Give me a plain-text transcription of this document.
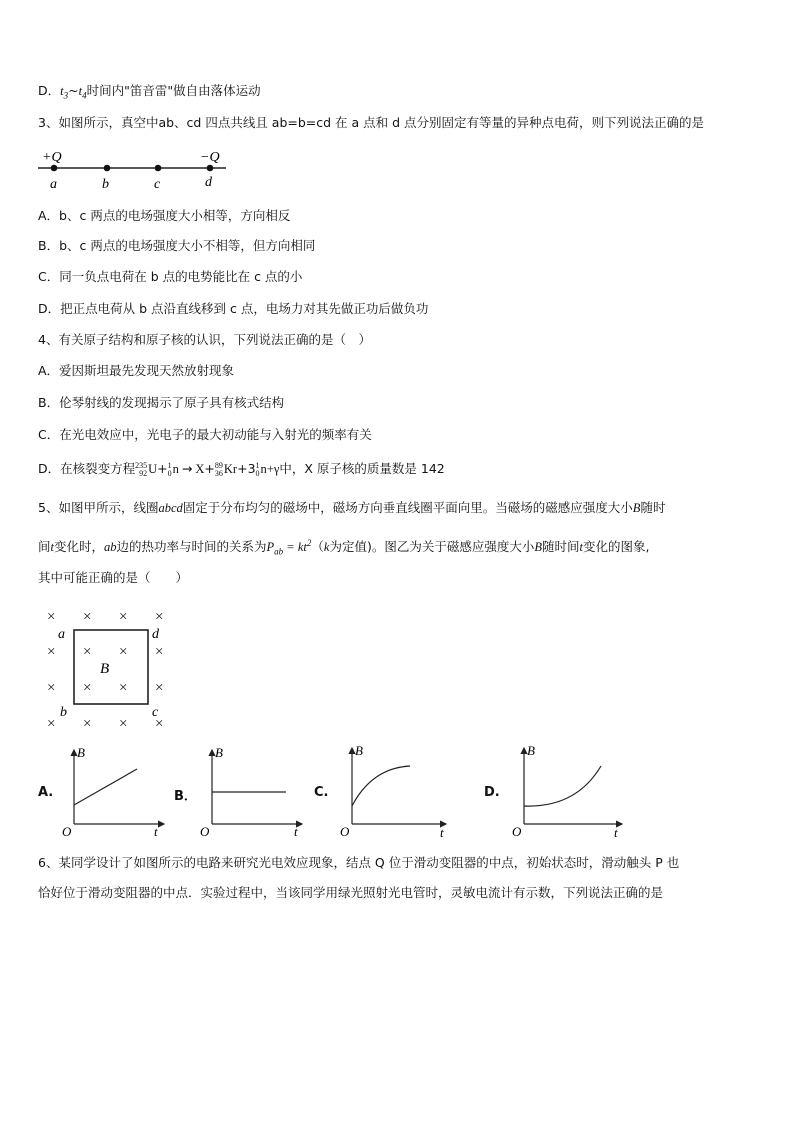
D．$t_3\sim t_4$时间内"笛音雷"做自由落体运动
3、如图所示，真空中ab、cd 四点共线且 ab=b=cd 在 a 点和 d 点分别固定有等量的异种点电荷，则下列说法正确的是
+Q	−Q
a	b	c	d
A．b、c 两点的电场强度大小相等，方向相反
B．b、c 两点的电场强度大小不相等，但方向相同
C．同一负点电荷在 b 点的电势能比在 c 点的小
D．把正点电荷从 b 点沿直线移到 c 点，电场力对其先做正功后做负功
4、有关原子结构和原子核的认识，下列说法正确的是（　）
A．爱因斯坦最先发现天然放射现象
B．伦琴射线的发现揭示了原子具有核式结构
C．在光电效应中，光电子的最大初动能与入射光的频率有关
D．在核裂变方程 235
92 U+ 1
0 n → X+ 89
36 Kr+3 1
0 n+γ中，X 原子核的质量数是 142
5、如图甲所示，线圈abcd固定于分布均匀的磁场中，磁场方向垂直线圈平面向里。当磁场的磁感应强度大小B随时
间t变化时，ab边的热功率与时间的关系为$P_{ab} = kt^2(k$为定值)。图乙为关于磁感应强度大小B随时间t变化的图象,
其中可能正确的是（　　）
× × × ×
× × × ×
× × × ×
× × × ×
a	d
b	c
B
A.
B
t
O
B．
B
t
O
C.
B
t
O
D.
B
t
O
6、某同学设计了如图所示的电路来研究光电效应现象，结点 Q 位于滑动变阻器的中点，初始状态时，滑动触头 P 也
恰好位于滑动变阻器的中点．实验过程中，当该同学用绿光照射光电管时，灵敏电流计有示数，下列说法正确的是
